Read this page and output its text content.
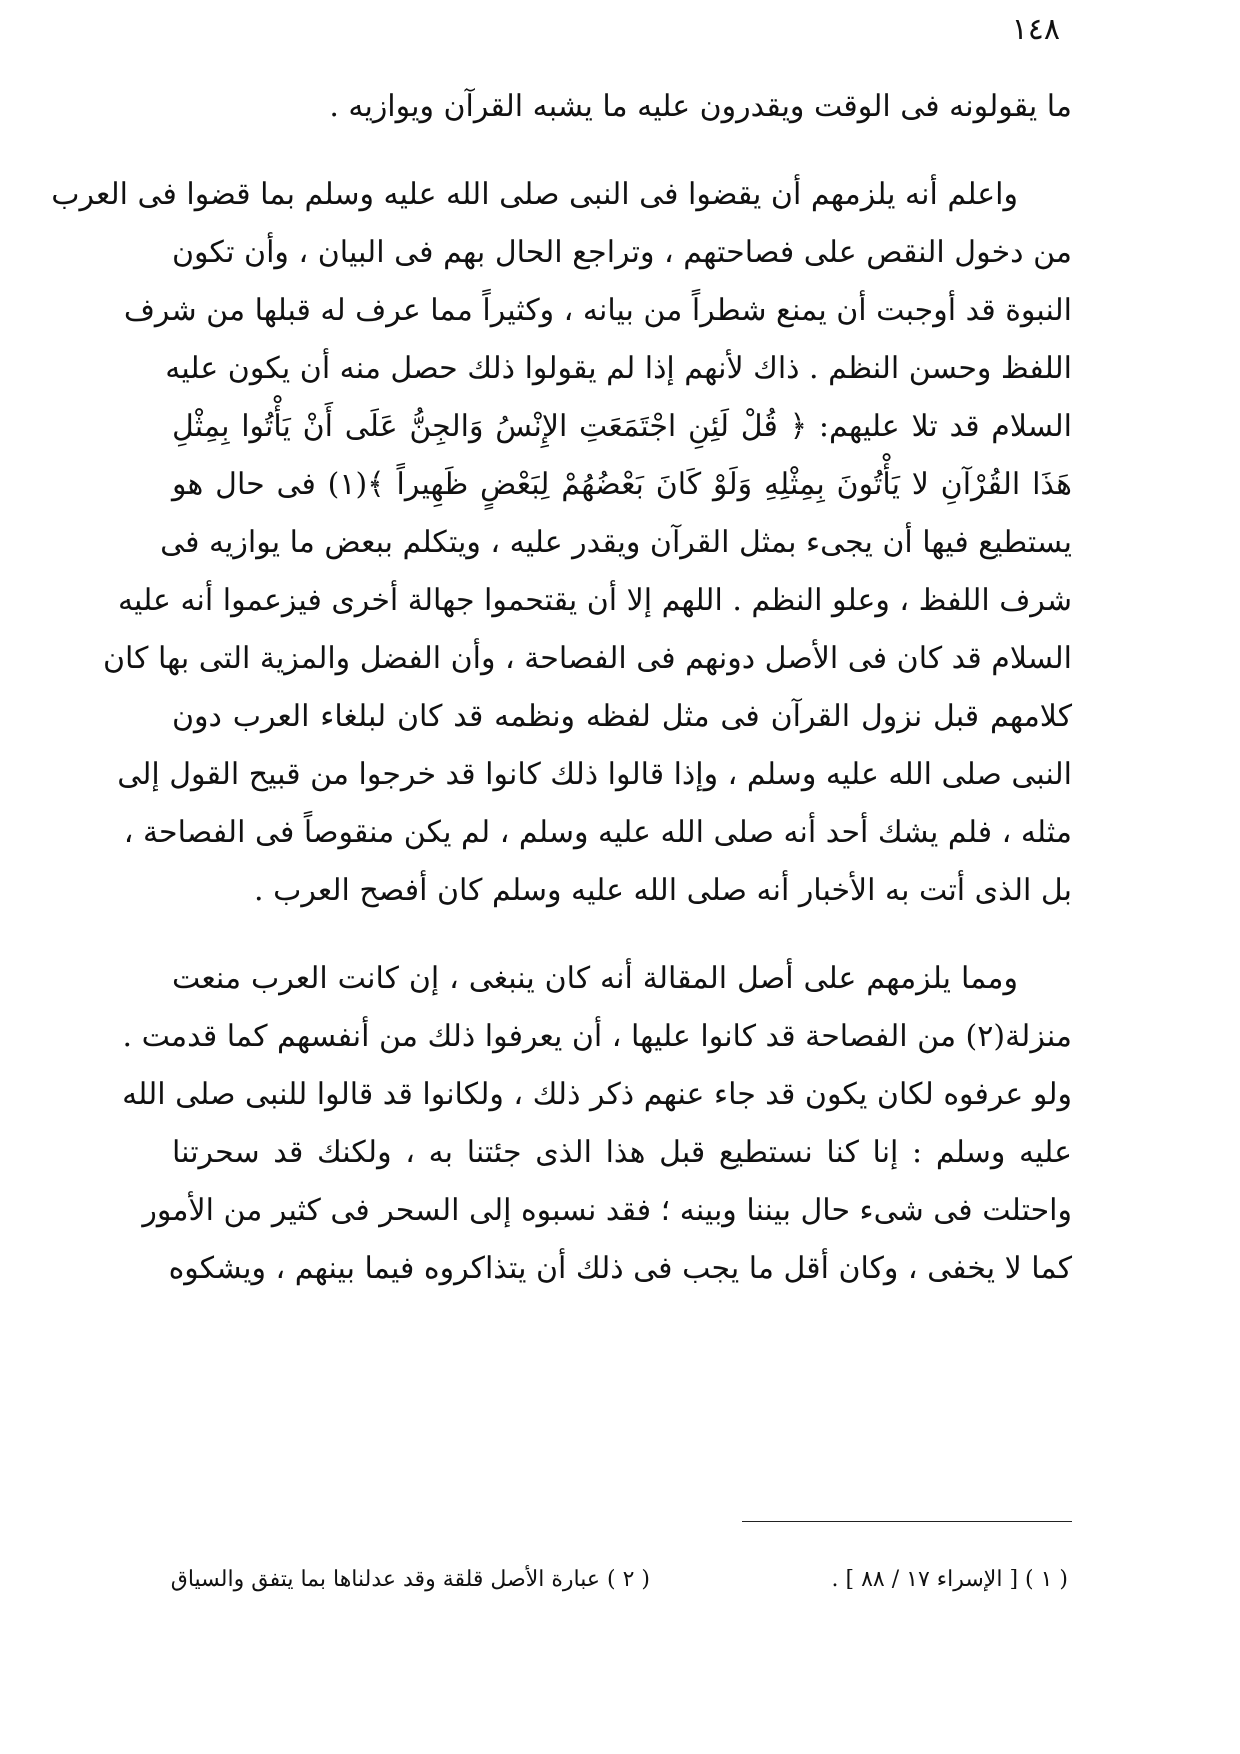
١٤٨
ما يقولونه فى الوقت ويقدرون عليه ما يشبه القرآن ويوازيه .
واعلم أنه يلزمهم أن يقضوا فى النبى صلى الله عليه وسلم بما قضوا فى العرب
من دخول النقص على فصاحتهم ، وتراجع الحال بهم فى البيان ، وأن تكون
النبوة قد أوجبت أن يمنع شطراً من بيانه ، وكثيراً مما عرف له قبلها من شرف
اللفظ وحسن النظم . ذاك لأنهم إذا لم يقولوا ذلك حصل منه أن يكون عليه
السلام قد تلا عليهم: ﴿ قُلْ لَئِنِ اجْتَمَعَتِ الإِنْسُ وَالجِنُّ عَلَى أَنْ يَأْتُوا بِمِثْلِ
هَذَا القُرْآنِ لا يَأْتُونَ بِمِثْلِهِ وَلَوْ كَانَ بَعْضُهُمْ لِبَعْضٍ ظَهِيراً ﴾(١) فى حال هو
يستطيع فيها أن يجىء بمثل القرآن ويقدر عليه ، ويتكلم ببعض ما يوازيه فى
شرف اللفظ ، وعلو النظم . اللهم إلا أن يقتحموا جهالة أخرى فيزعموا أنه عليه
السلام قد كان فى الأصل دونهم فى الفصاحة ، وأن الفضل والمزية التى بها كان
كلامهم قبل نزول القرآن فى مثل لفظه ونظمه قد كان لبلغاء العرب دون
النبى صلى الله عليه وسلم ، وإذا قالوا ذلك كانوا قد خرجوا من قبيح القول إلى
مثله ، فلم يشك أحد أنه صلى الله عليه وسلم ، لم يكن منقوصاً فى الفصاحة ،
بل الذى أتت به الأخبار أنه صلى الله عليه وسلم كان أفصح العرب .
ومما يلزمهم على أصل المقالة أنه كان ينبغى ، إن كانت العرب منعت
منزلة(٢) من الفصاحة قد كانوا عليها ، أن يعرفوا ذلك من أنفسهم كما قدمت .
ولو عرفوه لكان يكون قد جاء عنهم ذكر ذلك ، ولكانوا قد قالوا للنبى صلى الله
عليه وسلم : إنا كنا نستطيع قبل هذا الذى جئتنا به ، ولكنك قد سحرتنا
واحتلت فى شىء حال بيننا وبينه ؛ فقد نسبوه إلى السحر فى كثير من الأمور
كما لا يخفى ، وكان أقل ما يجب فى ذلك أن يتذاكروه فيما بينهم ، ويشكوه
( ١ ) [ الإسراء ١٧ / ٨٨ ] .
( ٢ ) عبارة الأصل قلقة وقد عدلناها بما يتفق والسياق
